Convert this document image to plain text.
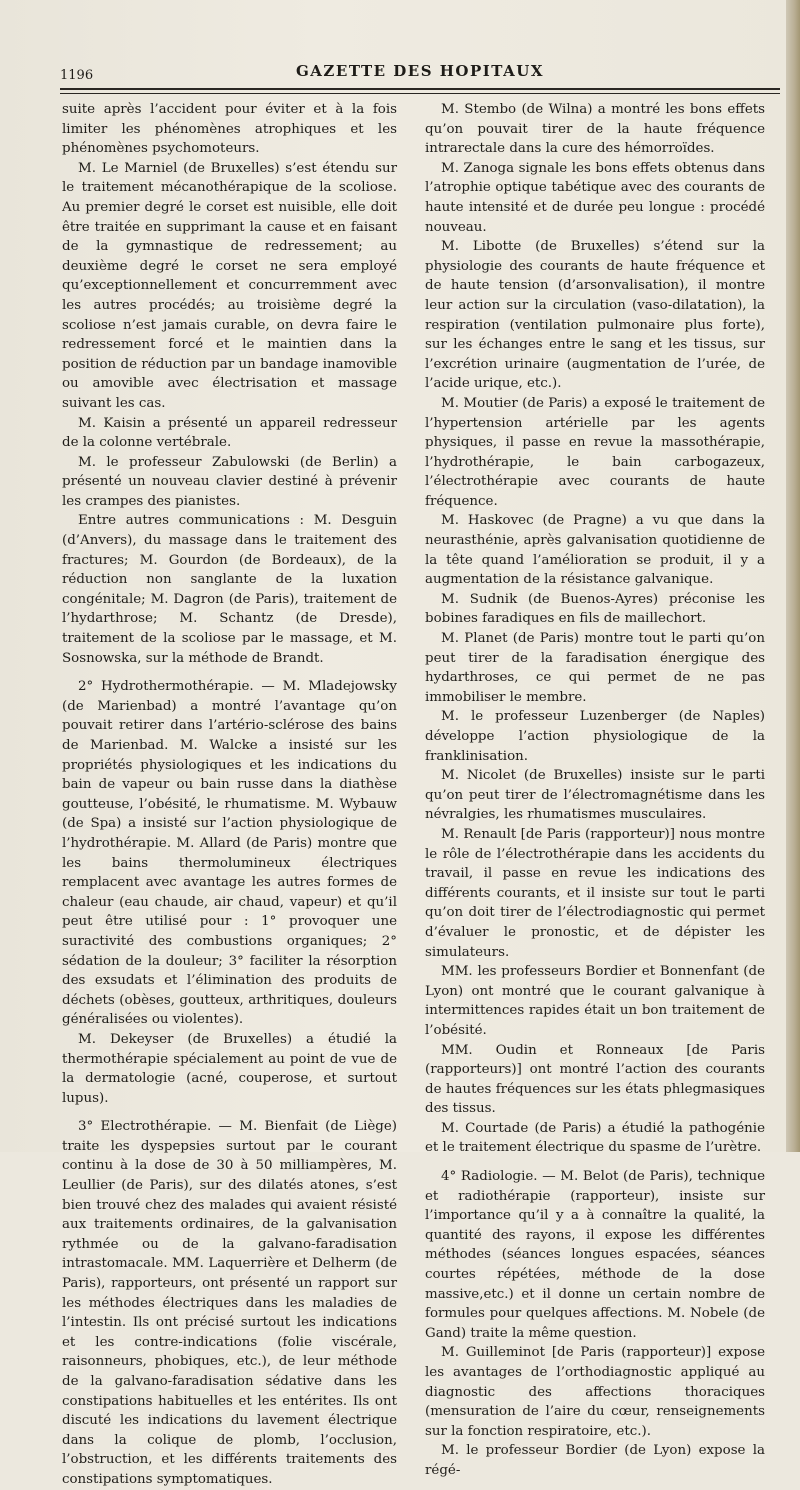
1196	GAZETTE DES HOPITAUX

suite après l’accident pour éviter et à la fois limiter les phénomènes atrophiques et les phénomènes psychomoteurs.

M. Le Marniel (de Bruxelles) s’est étendu sur le traitement mécanothérapique de la scoliose. Au premier degré le corset est nuisible, elle doit être traitée en supprimant la cause et en faisant de la gymnastique de redressement; au deuxième degré le corset ne sera employé qu’exceptionnellement et concurremment avec les autres procédés; au troisième degré la scoliose n’est jamais curable, on devra faire le redressement forcé et le maintien dans la position de réduction par un bandage inamovible ou amovible avec électrisation et massage suivant les cas.

M. Kaisin a présenté un appareil redresseur de la colonne vertébrale.

M. le professeur Zabulowski (de Berlin) a présenté un nouveau clavier destiné à prévenir les crampes des pianistes.

Entre autres communications : M. Desguin (d’Anvers), du massage dans le traitement des fractures; M. Gourdon (de Bordeaux), de la réduction non sanglante de la luxation congénitale; M. Dagron (de Paris), traitement de l’hydarthrose; M. Schantz (de Dresde), traitement de la scoliose par le massage, et M. Sosnowska, sur la méthode de Brandt.

2° Hydrothermothérapie. — M. Mladejowsky (de Marienbad) a montré l’avantage qu’on pouvait retirer dans l’artério-sclérose des bains de Marienbad. M. Walcke a insisté sur les propriétés physiologiques et les indications du bain de vapeur ou bain russe dans la diathèse goutteuse, l’obésité, le rhumatisme. M. Wybauw (de Spa) a insisté sur l’action physiologique de l’hydrothérapie. M. Allard (de Paris) montre que les bains thermolumineux électriques remplacent avec avantage les autres formes de chaleur (eau chaude, air chaud, vapeur) et qu’il peut être utilisé pour : 1° provoquer une suractivité des combustions organiques; 2° sédation de la douleur; 3° faciliter la résorption des exsudats et l’élimination des produits de déchets (obèses, goutteux, arthritiques, douleurs généralisées ou violentes).

M. Dekeyser (de Bruxelles) a étudié la thermothérapie spécialement au point de vue de la dermatologie (acné, couperose, et surtout lupus).

3° Electrothérapie. — M. Bienfait (de Liège) traite les dyspepsies surtout par le courant continu à la dose de 30 à 50 milliampères, M. Leullier (de Paris), sur des dilatés atones, s’est bien trouvé chez des malades qui avaient résisté aux traitements ordinaires, de la galvanisation rythmée ou de la galvano-faradisation intrastomacale. MM. Laquerrière et Delherm (de Paris), rapporteurs, ont présenté un rapport sur les méthodes électriques dans les maladies de l’intestin. Ils ont précisé surtout les indications et les contre-indications (folie viscérale, raisonneurs, phobiques, etc.), de leur méthode de la galvano-faradisation sédative dans les constipations habituelles et les entérites. Ils ont discuté les indications du lavement électrique dans la colique de plomb, l’occlusion, l’obstruction, et les différents traitements des constipations symptomatiques.

M. Stembo (de Wilna) a montré les bons effets qu’on pouvait tirer de la haute fréquence intrarectale dans la cure des hémorroïdes.

M. Zanoga signale les bons effets obtenus dans l’atrophie optique tabétique avec des courants de haute intensité et de durée peu longue : procédé nouveau.

M. Libotte (de Bruxelles) s’étend sur la physiologie des courants de haute fréquence et de haute tension (d’arsonvalisation), il montre leur action sur la circulation (vaso-dilatation), la respiration (ventilation pulmonaire plus forte), sur les échanges entre le sang et les tissus, sur l’excrétion urinaire (augmentation de l’urée, de l’acide urique, etc.).

M. Moutier (de Paris) a exposé le traitement de l’hypertension artérielle par les agents physiques, il passe en revue la massothérapie, l’hydrothérapie, le bain carbogazeux, l’électrothérapie avec courants de haute fréquence.

M. Haskovec (de Pragne) a vu que dans la neurasthénie, après galvanisation quotidienne de la tête quand l’amélioration se produit, il y a augmentation de la résistance galvanique.

M. Sudnik (de Buenos-Ayres) préconise les bobines faradiques en fils de maillechort.

M. Planet (de Paris) montre tout le parti qu’on peut tirer de la faradisation énergique des hydarthroses, ce qui permet de ne pas immobiliser le membre.

M. le professeur Luzenberger (de Naples) développe l’action physiologique de la franklinisation.

M. Nicolet (de Bruxelles) insiste sur le parti qu’on peut tirer de l’électromagnétisme dans les névralgies, les rhumatismes musculaires.

M. Renault [de Paris (rapporteur)] nous montre le rôle de l’électrothérapie dans les accidents du travail, il passe en revue les indications des différents courants, et il insiste sur tout le parti qu’on doit tirer de l’électrodiagnostic qui permet d’évaluer le pronostic, et de dépister les simulateurs.

MM. les professeurs Bordier et Bonnenfant (de Lyon) ont montré que le courant galvanique à intermittences rapides était un bon traitement de l’obésité.

MM. Oudin et Ronneaux [de Paris (rapporteurs)] ont montré l’action des courants de hautes fréquences sur les états phlegmasiques des tissus.

M. Courtade (de Paris) a étudié la pathogénie et le traitement électrique du spasme de l’urètre.

4° Radiologie. — M. Belot (de Paris), technique et radiothérapie (rapporteur), insiste sur l’importance qu’il y a à connaître la qualité, la quantité des rayons, il expose les différentes méthodes (séances longues espacées, séances courtes répétées, méthode de la dose massive,etc.) et il donne un certain nombre de formules pour quelques affections. M. Nobele (de Gand) traite la même question.

M. Guilleminot [de Paris (rapporteur)] expose les avantages de l’orthodiagnostic appliqué au diagnostic des affections thoraciques (mensuration de l’aire du cœur, renseignements sur la fonction respiratoire, etc.).

M. le professeur Bordier (de Lyon) expose la régé-
